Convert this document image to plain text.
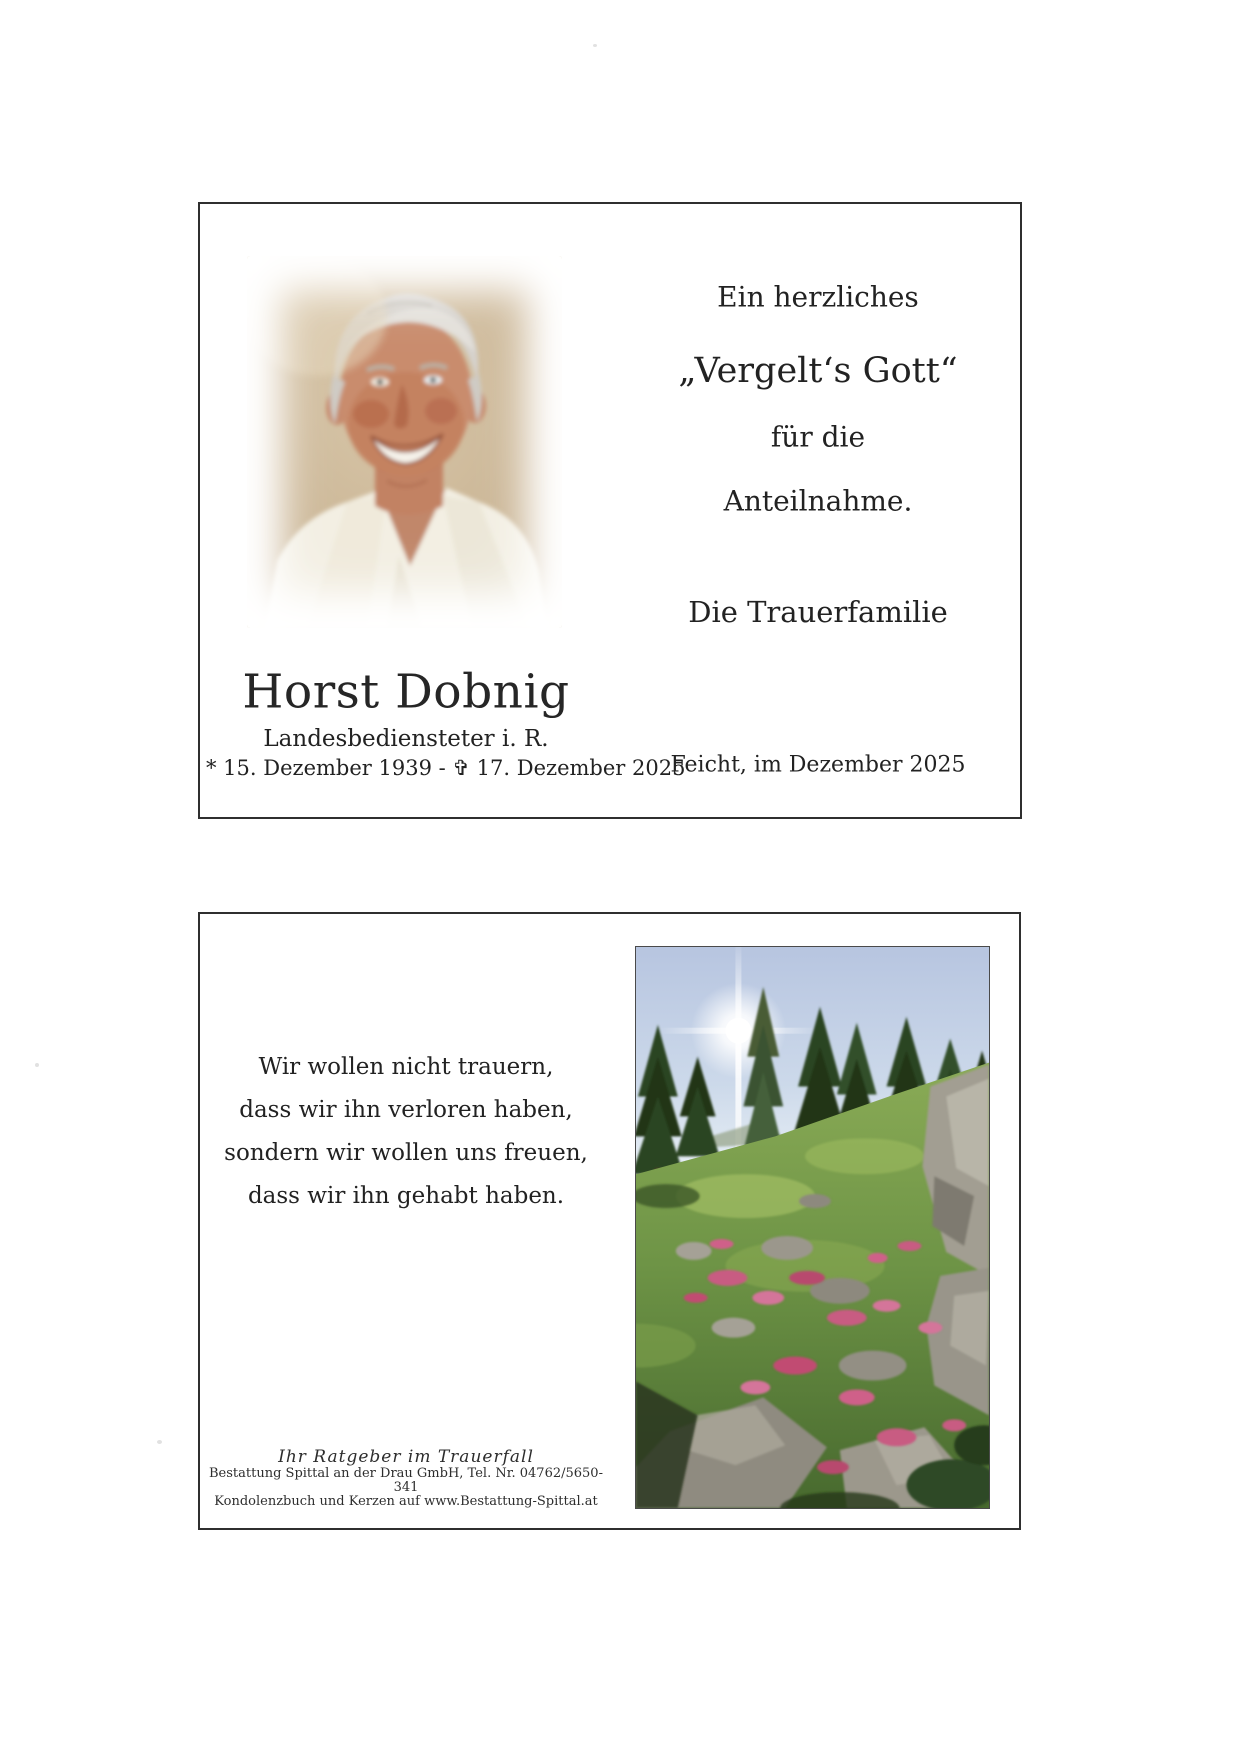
Horst Dobnig
Landesbediensteter i. R.
* 15. Dezember 1939 - ✞ 17. Dezember 2025
Ein herzliches
„Vergelt‘s Gott“
für die
Anteilnahme.
Die Trauerfamilie
Feicht, im Dezember 2025
Wir wollen nicht trauern,
dass wir ihn verloren haben,
sondern wir wollen uns freuen,
dass wir ihn gehabt haben.
Ihr Ratgeber im Trauerfall
Bestattung Spittal an der Drau GmbH, Tel. Nr. 04762/5650-341
Kondolenzbuch und Kerzen auf www.Bestattung-Spittal.at
